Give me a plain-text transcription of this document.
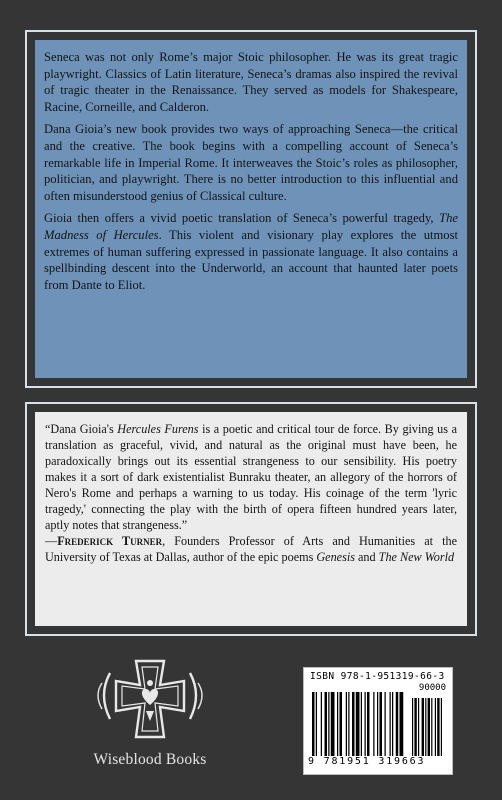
Seneca was not only Rome’s major Stoic philosopher. He was its great tragic playwright. Classics of Latin literature, Seneca’s dramas also inspired the revival of tragic theater in the Renaissance. They served as models for Shakespeare, Racine, Corneille, and Calderon.

Dana Gioia’s new book provides two ways of approaching Seneca—the critical and the creative. The book begins with a compelling account of Seneca’s remarkable life in Imperial Rome. It interweaves the Stoic’s roles as philosopher, politician, and playwright. There is no better introduction to this influential and often misunderstood genius of Classical culture.

Gioia then offers a vivid poetic translation of Seneca’s powerful tragedy, The Madness of Hercules. This violent and visionary play explores the utmost extremes of human suffering expressed in passionate language. It also contains a spellbinding descent into the Underworld, an account that haunted later poets from Dante to Eliot.

“Dana Gioia's Hercules Furens is a poetic and critical tour de force. By giving us a translation as graceful, vivid, and natural as the original must have been, he paradoxically brings out its essential strangeness to our sensibility. His poetry makes it a sort of dark existentialist Bunraku theater, an allegory of the horrors of Nero's Rome and perhaps a warning to us today. His coinage of the term 'lyric tragedy,' connecting the play with the birth of opera fifteen hundred years later, aptly notes that strangeness.”

—Frederick Turner, Founders Professor of Arts and Humanities at the University of Texas at Dallas, author of the epic poems Genesis and The New World

Wiseblood Books
ISBN 978-1-951319-66-3
90000
9 781951 319663
